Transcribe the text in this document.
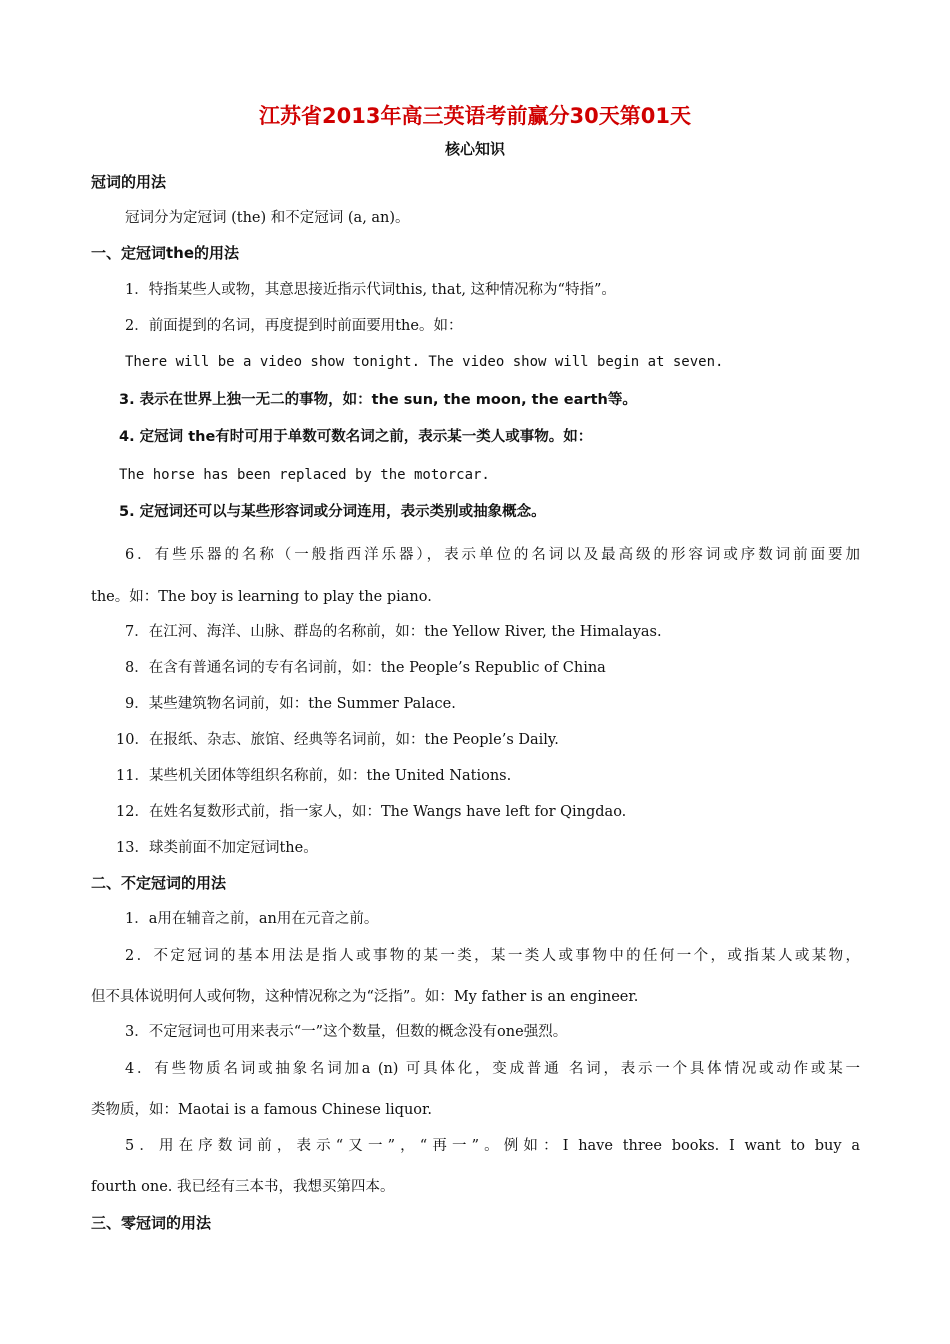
江苏省2013年高三英语考前赢分30天第01天
核心知识
冠词的用法
冠词分为定冠词 (the) 和不定冠词 (a, an)。
一、定冠词the的用法
1．特指某些人或物，其意思接近指示代词this, that, 这种情况称为“特指”。
2．前面提到的名词，再度提到时前面要用the。如：
There will be a video show tonight. The video show will begin at seven.
3. 表示在世界上独一无二的事物，如：the sun, the moon, the earth等。
4. 定冠词 the有时可用于单数可数名词之前，表示某一类人或事物。如：
The horse has been replaced by the motorcar.
5. 定冠词还可以与某些形容词或分词连用，表示类别或抽象概念。
6．有些乐器的名称（一般指西洋乐器），表示单位的名词以及最高级的形容词或序数词前面要加
the。如：The boy is learning to play the piano.
7．在江河、海洋、山脉、群岛的名称前，如：the Yellow River, the Himalayas.
8．在含有普通名词的专有名词前，如：the People’s Republic of China
9．某些建筑物名词前，如：the Summer Palace.
10．在报纸、杂志、旅馆、经典等名词前，如：the People’s Daily.
11．某些机关团体等组织名称前，如：the United Nations.
12．在姓名复数形式前，指一家人，如：The Wangs have left for Qingdao.
13．球类前面不加定冠词the。
二、不定冠词的用法
1．a用在辅音之前，an用在元音之前。
2．不定冠词的基本用法是指人或事物的某一类，某一类人或事物中的任何一个，或指某人或某物，
但不具体说明何人或何物，这种情况称之为“泛指”。如：My father is an engineer.
3．不定冠词也可用来表示“一”这个数量，但数的概念没有one强烈。
4．有些物质名词或抽象名词加a (n) 可具体化，变成普通 名词，表示一个具体情况或动作或某一
类物质，如：Maotai is a famous Chinese liquor.
5．用在序数词前，表示“又一”，“再一”。例如：I have three books. I want to buy a
fourth one. 我已经有三本书，我想买第四本。
三、零冠词的用法
